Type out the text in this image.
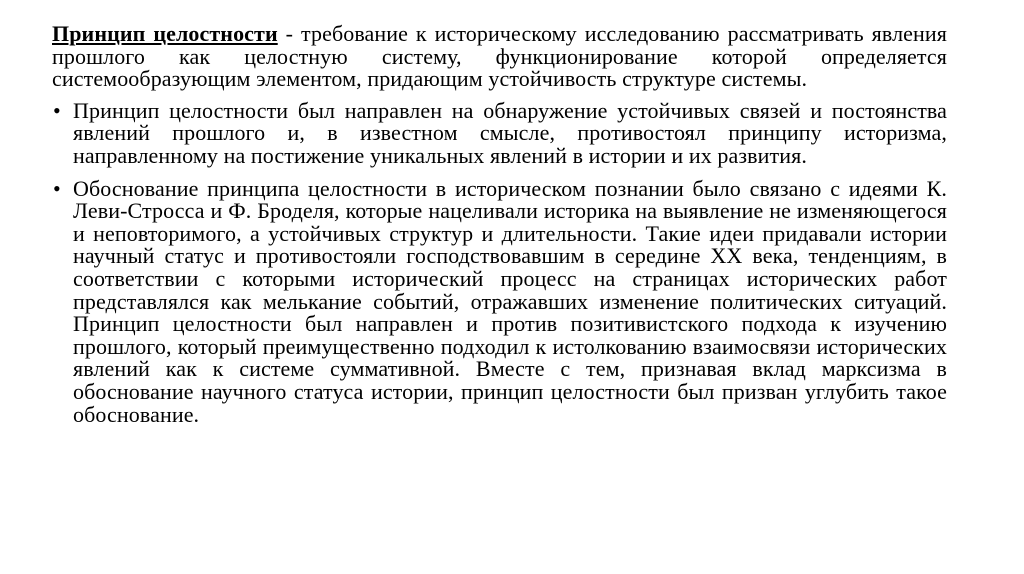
Принцип целостности - требование к историческому исследованию рассматривать явления прошлого как целостную систему, функционирование которой определяется системообразующим элементом, придающим устойчивость структуре системы.

• Принцип целостности был направлен на обнаружение устойчивых связей и постоянства явлений прошлого и, в известном смысле, противостоял принципу историзма, направленному на постижение уникальных явлений в истории и их развития.
• Обоснование принципа целостности в историческом познании было связано с идеями К. Леви-Стросса и Ф. Броделя, которые нацеливали историка на выявление не изменяющегося и неповторимого, а устойчивых структур и длительности. Такие идеи придавали истории научный статус и противостояли господствовавшим в середине XX века, тенденциям, в соответствии с которыми исторический процесс на страницах исторических работ представлялся как мелькание событий, отражавших изменение политических ситуаций. Принцип целостности был направлен и против позитивистского подхода к изучению прошлого, который преимущественно подходил к истолкованию взаимосвязи исторических явлений как к системе суммативной. Вместе с тем, признавая вклад марксизма в обоснование научного статуса истории, принцип целостности был призван углубить такое обоснование.
